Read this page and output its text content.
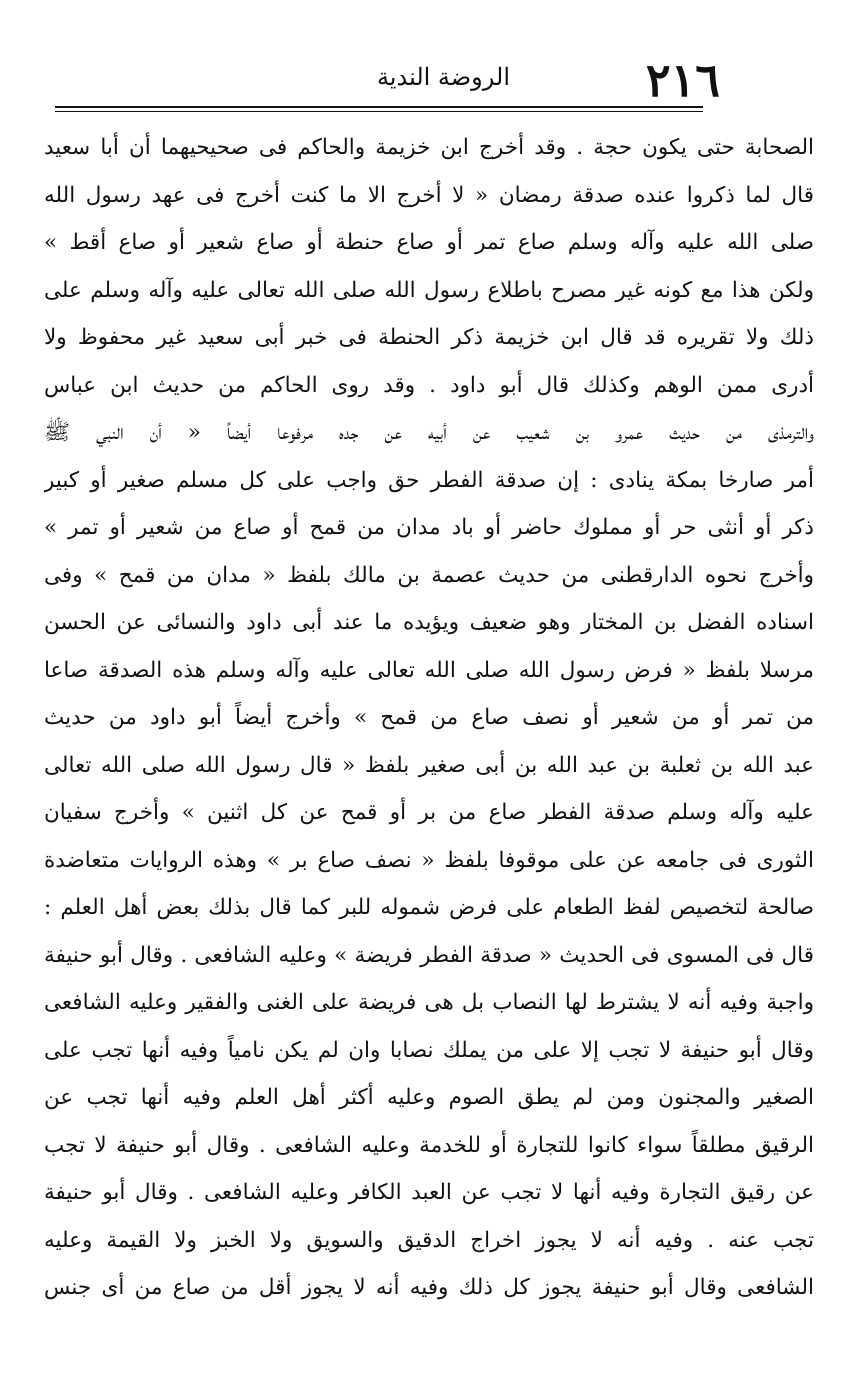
٢١٦
الروضة الندية
الصحابة حتى يكون حجة . وقد أخرج ابن خزيمة والحاكم فى صحيحيهما أن أبا سعيد
قال لما ذكروا عنده صدقة رمضان « لا أخرج الا ما كنت أخرج فى عهد رسول الله
صلى الله عليه وآله وسلم صاع تمر أو صاع حنطة أو صاع شعير أو صاع أقط »
ولكن هذا مع كونه غير مصرح باطلاع رسول الله صلى الله تعالى عليه وآله وسلم على
ذلك ولا تقريره قد قال ابن خزيمة ذكر الحنطة فى خبر أبى سعيد غير محفوظ ولا
أدرى ممن الوهم وكذلك قال أبو داود . وقد روى الحاكم من حديث ابن عباس
والترمذى من حديث عمرو بن شعيب عن أبيه عن جده مرفوعا أيضاً « أن النبي ﷺ
أمر صارخا بمكة ينادى : إن صدقة الفطر حق واجب على كل مسلم صغير أو كبير
ذكر أو أنثى حر أو مملوك حاضر أو باد مدان من قمح أو صاع من شعير أو تمر »
وأخرج نحوه الدارقطنى من حديث عصمة بن مالك بلفظ « مدان من قمح » وفى
اسناده الفضل بن المختار وهو ضعيف ويؤيده ما عند أبى داود والنسائى عن الحسن
مرسلا بلفظ « فرض رسول الله صلى الله تعالى عليه وآله وسلم هذه الصدقة صاعا
من تمر أو من شعير أو نصف صاع من قمح » وأخرج أيضاً أبو داود من حديث
عبد الله بن ثعلبة بن عبد الله بن أبى صغير بلفظ « قال رسول الله صلى الله تعالى
عليه وآله وسلم صدقة الفطر صاع من بر أو قمح عن كل اثنين » وأخرج سفيان
الثورى فى جامعه عن على موقوفا بلفظ « نصف صاع بر » وهذه الروايات متعاضدة
صالحة لتخصيص لفظ الطعام على فرض شموله للبر كما قال بذلك بعض أهل العلم :
قال فى المسوى فى الحديث « صدقة الفطر فريضة » وعليه الشافعى . وقال أبو حنيفة
واجبة وفيه أنه لا يشترط لها النصاب بل هى فريضة على الغنى والفقير وعليه الشافعى
وقال أبو حنيفة لا تجب إلا على من يملك نصابا وان لم يكن نامياً وفيه أنها تجب على
الصغير والمجنون ومن لم يطق الصوم وعليه أكثر أهل العلم وفيه أنها تجب عن
الرقيق مطلقاً سواء كانوا للتجارة أو للخدمة وعليه الشافعى . وقال أبو حنيفة لا تجب
عن رقيق التجارة وفيه أنها لا تجب عن العبد الكافر وعليه الشافعى . وقال أبو حنيفة
تجب عنه . وفيه أنه لا يجوز اخراج الدقيق والسويق ولا الخبز ولا القيمة وعليه
الشافعى وقال أبو حنيفة يجوز كل ذلك وفيه أنه لا يجوز أقل من صاع من أى جنس
